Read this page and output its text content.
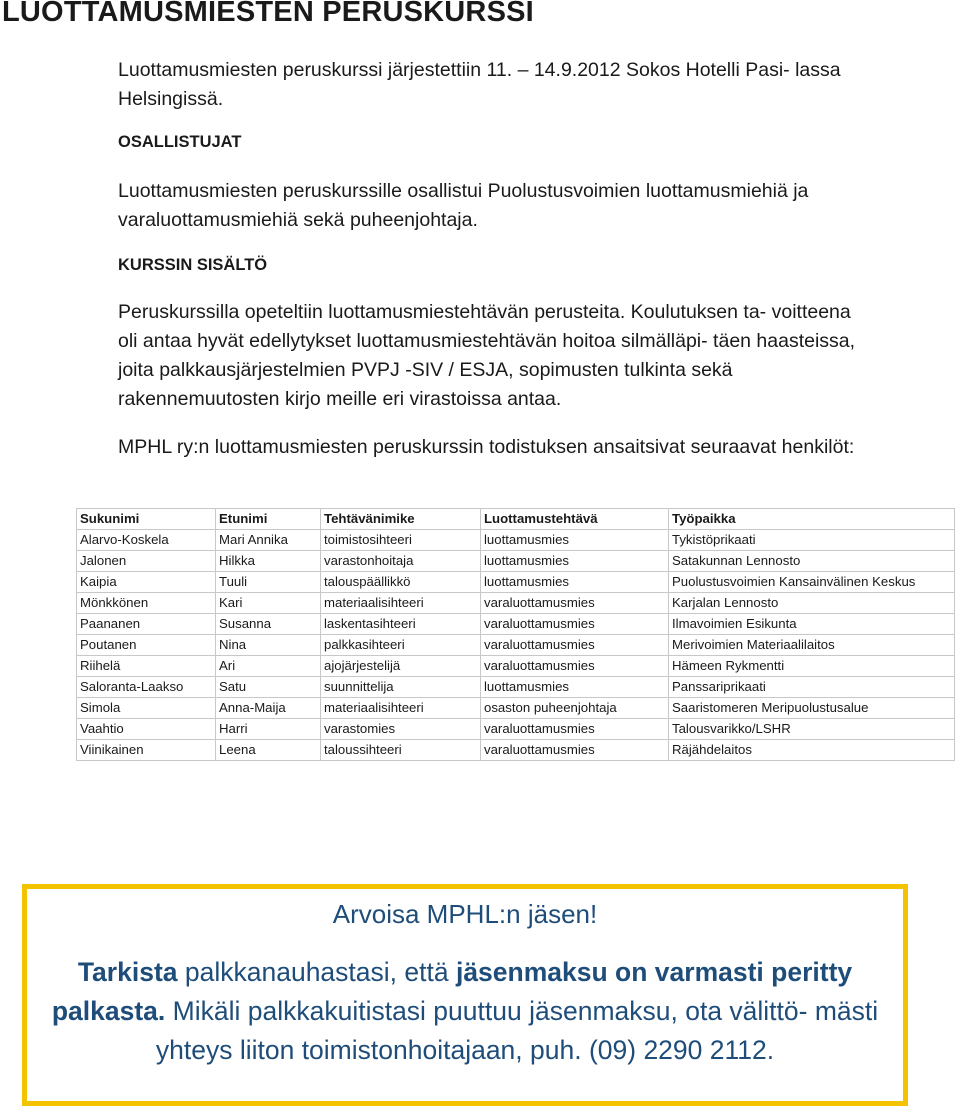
LUOTTAMUSMIESTEN PERUSKURSSI

Luottamusmiesten peruskurssi järjestettiin 11. – 14.9.2012 Sokos Hotelli Pasi- lassa Helsingissä.

OSALLISTUJAT

Luottamusmiesten peruskurssille osallistui Puolustusvoimien luottamusmiehiä ja varaluottamusmiehiä sekä puheenjohtaja.

KURSSIN SISÄLTÖ

Peruskurssilla opeteltiin luottamusmiestehtävän perusteita. Koulutuksen ta- voitteena oli antaa hyvät edellytykset luottamusmiestehtävän hoitoa silmälläpi- täen haasteissa, joita palkkausjärjestelmien PVPJ -SIV / ESJA, sopimusten tulkinta sekä rakennemuutosten kirjo meille eri virastoissa antaa.

MPHL ry:n luottamusmiesten peruskurssin todistuksen ansaitsivat seuraavat henkilöt:

Sukunimi	Etunimi	Tehtävänimike	Luottamustehtävä	Työpaikka
Alarvo-Koskela	Mari Annika	toimistosihteeri	luottamusmies	Tykistöprikaati
Jalonen	Hilkka	varastonhoitaja	luottamusmies	Satakunnan Lennosto
Kaipia	Tuuli	talouspäällikkö	luottamusmies	Puolustusvoimien Kansainvälinen Keskus
Mönkkönen	Kari	materiaalisihteeri	varaluottamusmies	Karjalan Lennosto
Paananen	Susanna	laskentasihteeri	varaluottamusmies	Ilmavoimien Esikunta
Poutanen	Nina	palkkasihteeri	varaluottamusmies	Merivoimien Materiaalilaitos
Riihelä	Ari	ajojärjestelijä	varaluottamusmies	Hämeen Rykmentti
Saloranta-Laakso	Satu	suunnittelija	luottamusmies	Panssariprikaati
Simola	Anna-Maija	materiaalisihteeri	osaston puheenjohtaja	Saaristomeren Meripuolustusalue
Vaahtio	Harri	varastomies	varaluottamusmies	Talousvarikko/LSHR
Viinikainen	Leena	taloussihteeri	varaluottamusmies	Räjähdelaitos
Arvoisa MPHL:n jäsen!
Tarkista palkkanauhastasi, että jäsenmaksu on varmasti peritty palkasta. Mikäli palkkakuitistasi puuttuu jäsenmaksu, ota välittö- mästi yhteys liiton toimistonhoitajaan, puh. (09) 2290 2112.
